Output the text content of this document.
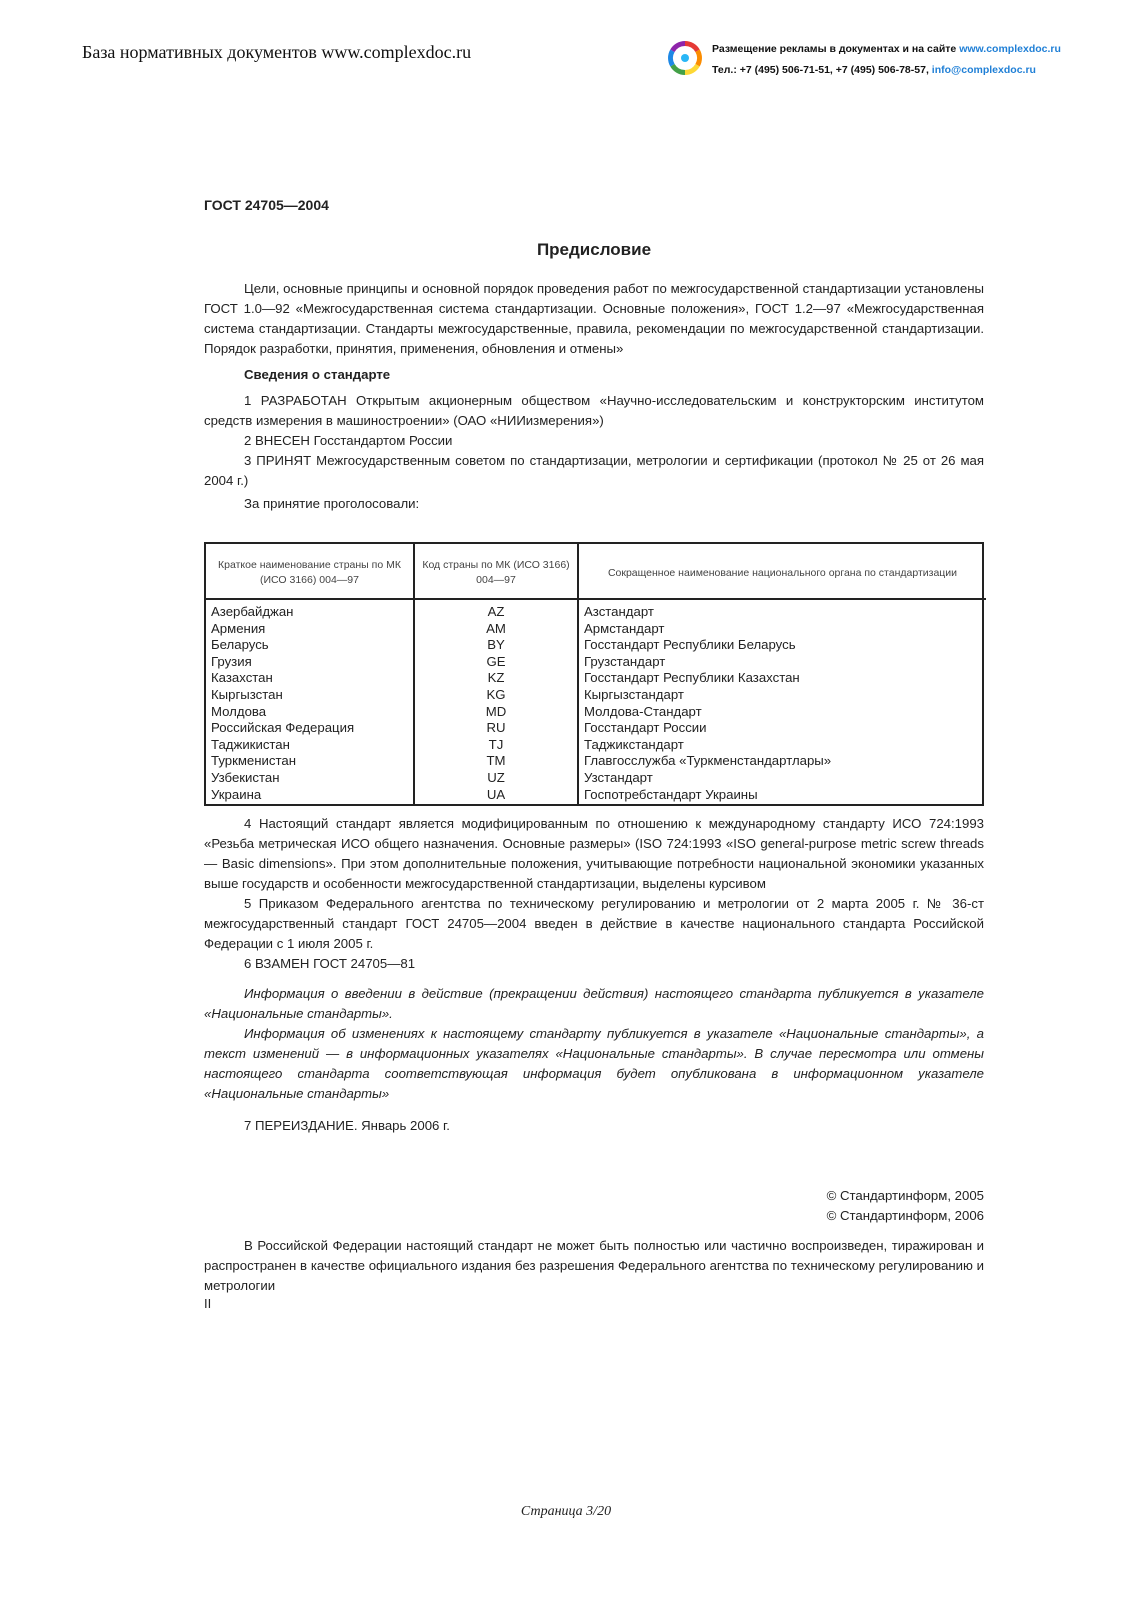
База нормативных документов www.complexdoc.ru	Размещение рекламы в документах и на сайте www.complexdoc.ru
Тел.: +7 (495) 506-71-51, +7 (495) 506-78-57, info@complexdoc.ru
ГОСТ 24705—2004
Предисловие

Цели, основные принципы и основной порядок проведения работ по межгосударственной стандартизации установлены ГОСТ 1.0—92 «Межгосударственная система стандартизации. Основные положения», ГОСТ 1.2—97 «Межгосударственная система стандартизации. Стандарты межгосударственные, правила, рекомендации по межгосударственной стандартизации. Порядок разработки, принятия, применения, обновления и отмены»

Сведения о стандарте

1 РАЗРАБОТАН Открытым акционерным обществом «Научно-исследовательским и конструкторским институтом средств измерения в машиностроении» (ОАО «НИИизмерения»)

2 ВНЕСЕН Госстандартом России

3 ПРИНЯТ Межгосударственным советом по стандартизации, метрологии и сертификации (протокол № 25 от 26 мая 2004 г.)

За принятие проголосовали:

Краткое наименование страны по МК (ИСО 3166) 004—97	Код страны по МК (ИСО 3166) 004—97	Сокращенное наименование национального органа по стандартизации
Азербайджан	AZ	Азстандарт
Армения	AM	Армстандарт
Беларусь	BY	Госстандарт Республики Беларусь
Грузия	GE	Грузстандарт
Казахстан	KZ	Госстандарт Республики Казахстан
Кыргызстан	KG	Кыргызстандарт
Молдова	MD	Молдова-Стандарт
Российская Федерация	RU	Госстандарт России
Таджикистан	TJ	Таджикстандарт
Туркменистан	TM	Главгосслужба «Туркменстандартлары»
Узбекистан	UZ	Узстандарт
Украина	UA	Госпотребстандарт Украины

4 Настоящий стандарт является модифицированным по отношению к международному стандарту ИСО 724:1993 «Резьба метрическая ИСО общего назначения. Основные размеры» (ISO 724:1993 «ISO general-purpose metric screw threads — Basic dimensions». При этом дополнительные положения, учитывающие потребности национальной экономики указанных выше государств и особенности межгосударственной стандартизации, выделены курсивом

5 Приказом Федерального агентства по техническому регулированию и метрологии от 2 марта 2005 г. № 36-ст межгосударственный стандарт ГОСТ 24705—2004 введен в действие в качестве национального стандарта Российской Федерации с 1 июля 2005 г.

6 ВЗАМЕН ГОСТ 24705—81

Информация о введении в действие (прекращении действия) настоящего стандарта публикуется в указателе «Национальные стандарты».

Информация об изменениях к настоящему стандарту публикуется в указателе «Национальные стандарты», а текст изменений — в информационных указателях «Национальные стандарты». В случае пересмотра или отмены настоящего стандарта соответствующая информация будет опубликована в информационном указателе «Национальные стандарты»

7 ПЕРЕИЗДАНИЕ. Январь 2006 г.

© Стандартинформ, 2005
© Стандартинформ, 2006

В Российской Федерации настоящий стандарт не может быть полностью или частично воспроизведен, тиражирован и распространен в качестве официального издания без разрешения Федерального агентства по техническому регулированию и метрологии

II
Страница 3/20
